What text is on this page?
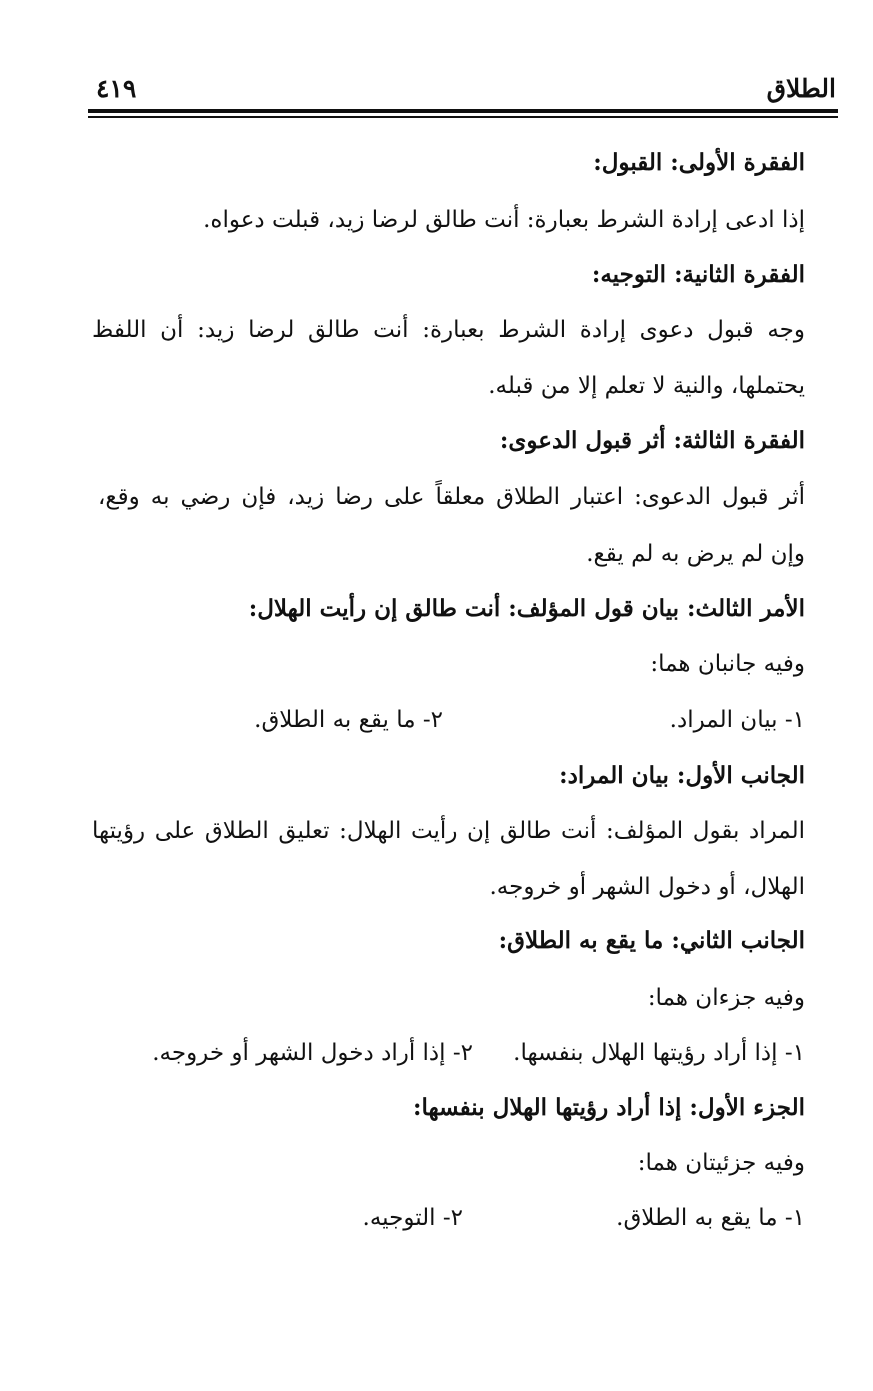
الطلاق
٤١٩
الفقرة الأولى: القبول:
إذا ادعى إرادة الشرط بعبارة: أنت طالق لرضا زيد، قبلت دعواه.
الفقرة الثانية: التوجيه:
وجه قبول دعوى إرادة الشرط بعبارة: أنت طالق لرضا زيد: أن اللفظ
يحتملها، والنية لا تعلم إلا من قبله.
الفقرة الثالثة: أثر قبول الدعوى:
أثر قبول الدعوى: اعتبار الطلاق معلقاً على رضا زيد، فإن رضي به وقع،
وإن لم يرض به لم يقع.
الأمر الثالث: بيان قول المؤلف: أنت طالق إن رأيت الهلال:
وفيه جانبان هما:
١- بيان المراد.
٢- ما يقع به الطلاق.
الجانب الأول: بيان المراد:
المراد بقول المؤلف: أنت طالق إن رأيت الهلال: تعليق الطلاق على رؤيتها
الهلال، أو دخول الشهر أو خروجه.
الجانب الثاني: ما يقع به الطلاق:
وفيه جزءان هما:
١- إذا أراد رؤيتها الهلال بنفسها.
٢- إذا أراد دخول الشهر أو خروجه.
الجزء الأول: إذا أراد رؤيتها الهلال بنفسها:
وفيه جزئيتان هما:
١- ما يقع به الطلاق.
٢- التوجيه.
